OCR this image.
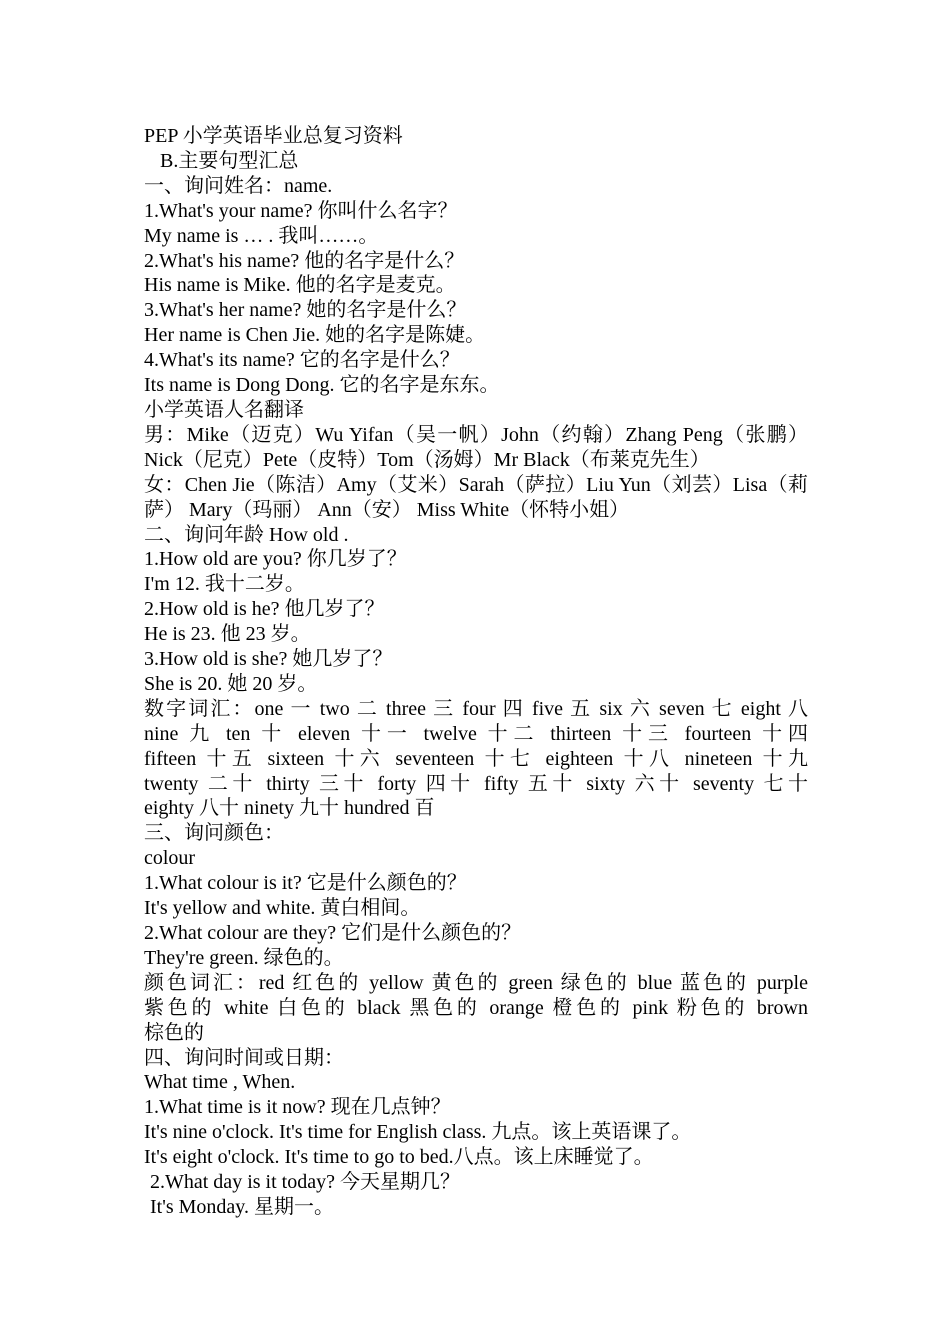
PEP 小学英语毕业总复习资料
B.主要句型汇总
一、询问姓名：name.
1.What's your name? 你叫什么名字？
My name is … . 我叫……。
2.What's his name? 他的名字是什么？
His name is Mike. 他的名字是麦克。
3.What's her name? 她的名字是什么？
Her name is Chen Jie. 她的名字是陈婕。
4.What's its name? 它的名字是什么？
Its name is Dong Dong. 它的名字是东东。
小学英语人名翻译
男：Mike（迈克）Wu Yifan（吴一帆）John（约翰）Zhang Peng（张鹏）
Nick（尼克）Pete（皮特）Tom（汤姆）Mr Black（布莱克先生）
女：Chen Jie（陈洁）Amy（艾米）Sarah（萨拉）Liu Yun（刘芸）Lisa（莉
萨） Mary（玛丽） Ann（安） Miss White（怀特小姐）
二、询问年龄 How old .
1.How old are you? 你几岁了？
I'm 12. 我十二岁。
2.How old is he? 他几岁了？
He is 23. 他 23 岁。
3.How old is she? 她几岁了？
She is 20. 她 20 岁。
数字词汇：one 一 two 二 three 三 four 四 five 五 six 六 seven 七 eight 八
nine 九 ten 十 eleven 十一 twelve 十二 thirteen 十三 fourteen 十四
fifteen 十五 sixteen 十六 seventeen 十七 eighteen 十八 nineteen 十九
twenty 二十 thirty 三十 forty 四十 fifty 五十 sixty 六十 seventy 七十
eighty 八十 ninety 九十 hundred 百
三、询问颜色：
colour
1.What colour is it? 它是什么颜色的？
It's yellow and white. 黄白相间。
2.What colour are they? 它们是什么颜色的？
They're green. 绿色的。
颜色词汇：red 红色的 yellow 黄色的 green 绿色的 blue 蓝色的 purple
紫色的 white 白色的 black 黑色的 orange 橙色的 pink 粉色的 brown
棕色的
四、询问时间或日期：
What time , When.
1.What time is it now? 现在几点钟？
It's nine o'clock. It's time for English class. 九点。该上英语课了。
It's eight o'clock. It's time to go to bed.八点。该上床睡觉了。
2.What day is it today? 今天星期几？
It's Monday. 星期一。
